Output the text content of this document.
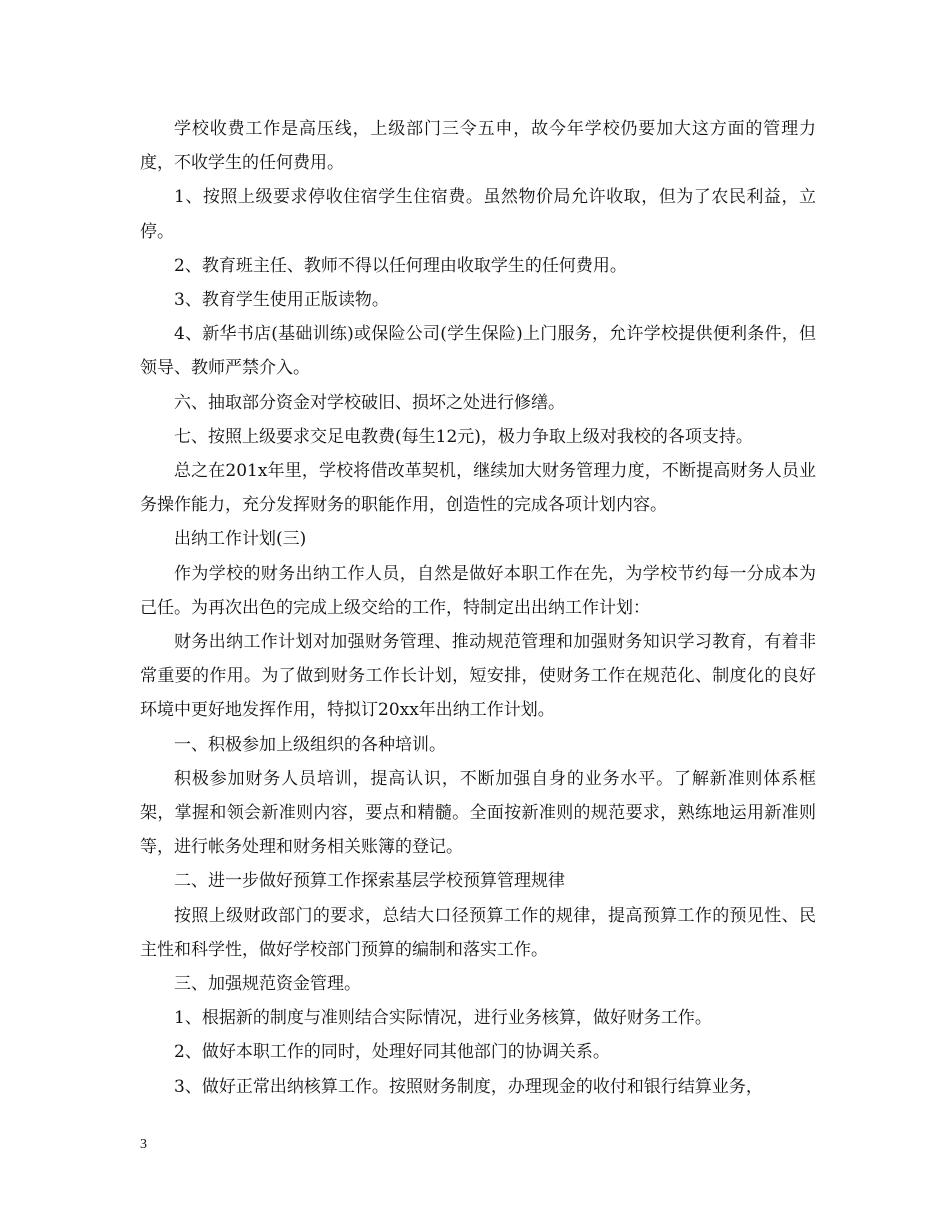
学校收费工作是高压线，上级部门三令五申，故今年学校仍要加大这方面的管理力度，不收学生的任何费用。

1、按照上级要求停收住宿学生住宿费。虽然物价局允许收取，但为了农民利益，立停。

2、教育班主任、教师不得以任何理由收取学生的任何费用。

3、教育学生使用正版读物。

4、新华书店(基础训练)或保险公司(学生保险)上门服务，允许学校提供便利条件，但领导、教师严禁介入。

六、抽取部分资金对学校破旧、损坏之处进行修缮。

七、按照上级要求交足电教费(每生12元)，极力争取上级对我校的各项支持。

总之在201x年里，学校将借改革契机，继续加大财务管理力度，不断提高财务人员业务操作能力，充分发挥财务的职能作用，创造性的完成各项计划内容。

出纳工作计划(三)

作为学校的财务出纳工作人员，自然是做好本职工作在先，为学校节约每一分成本为己任。为再次出色的完成上级交给的工作，特制定出出纳工作计划：

财务出纳工作计划对加强财务管理、推动规范管理和加强财务知识学习教育，有着非常重要的作用。为了做到财务工作长计划，短安排，使财务工作在规范化、制度化的良好环境中更好地发挥作用，特拟订20xx年出纳工作计划。

一、积极参加上级组织的各种培训。

积极参加财务人员培训，提高认识，不断加强自身的业务水平。了解新准则体系框架，掌握和领会新准则内容，要点和精髓。全面按新准则的规范要求，熟练地运用新准则等，进行帐务处理和财务相关账簿的登记。

二、进一步做好预算工作探索基层学校预算管理规律

按照上级财政部门的要求，总结大口径预算工作的规律，提高预算工作的预见性、民主性和科学性，做好学校部门预算的编制和落实工作。

三、加强规范资金管理。

1、根据新的制度与准则结合实际情况，进行业务核算，做好财务工作。

2、做好本职工作的同时，处理好同其他部门的协调关系。

3、做好正常出纳核算工作。按照财务制度，办理现金的收付和银行结算业务，

3
